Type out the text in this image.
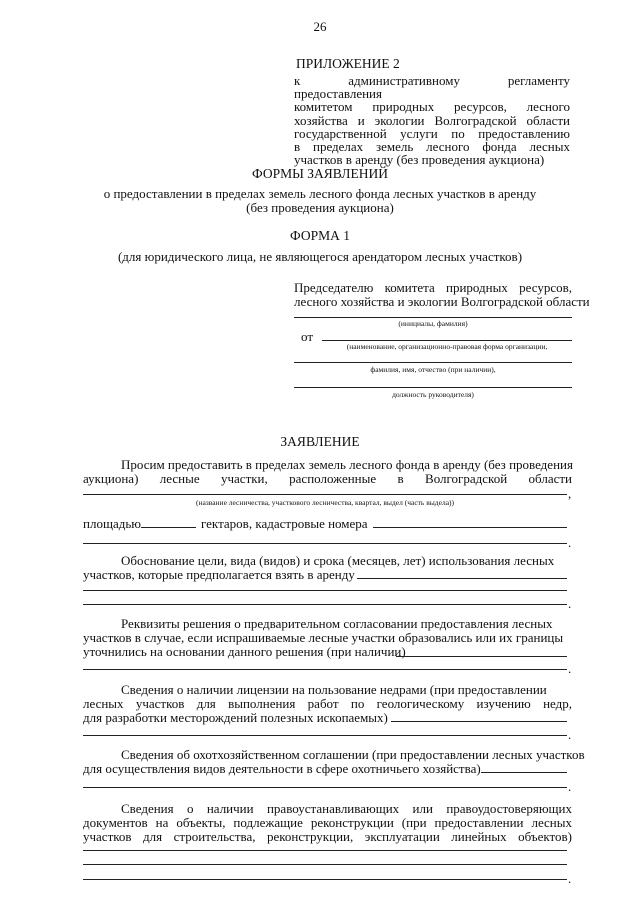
26
ПРИЛОЖЕНИЕ 2
к административному регламенту предоставления
комитетом природных ресурсов, лесного
хозяйства и экологии Волгоградской области
государственной услуги по предоставлению
в пределах земель лесного фонда лесных
участков в аренду (без проведения аукциона)
ФОРМЫ ЗАЯВЛЕНИЙ
о предоставлении в пределах земель лесного фонда лесных участков в аренду
(без проведения аукциона)
ФОРМА 1
(для юридического лица, не являющегося арендатором лесных участков)
Председателю комитета природных ресурсов,
лесного хозяйства и экологии Волгоградской области
(инициалы, фамилия)
от
(наименование, организационно-правовая форма организации,
фамилия, имя, отчество (при наличии),
должность руководителя)
ЗАЯВЛЕНИЕ
Просим предоставить в пределах земель лесного фонда в аренду (без проведения
аукциона) лесные участки, расположенные в Волгоградской области
,
(название лесничества, участкового лесничества, квартал, выдел (часть выдела))
площадью	гектаров, кадастровые номера
.
Обоснование цели, вида (видов) и срока (месяцев, лет) использования лесных
участков, которые предполагается взять в аренду
.
Реквизиты решения о предварительном согласовании предоставления лесных
участков в случае, если испрашиваемые лесные участки образовались или их границы
уточнились на основании данного решения (при наличии)
.
Сведения о наличии лицензии на пользование недрами (при предоставлении
лесных участков для выполнения работ по геологическому изучению недр,
для разработки месторождений полезных ископаемых)
.
Сведения об охотхозяйственном соглашении (при предоставлении лесных участков
для осуществления видов деятельности в сфере охотничьего хозяйства)
.
Сведения о наличии правоустанавливающих или правоудостоверяющих
документов на объекты, подлежащие реконструкции (при предоставлении лесных
участков для строительства, реконструкции, эксплуатации линейных объектов)
.
